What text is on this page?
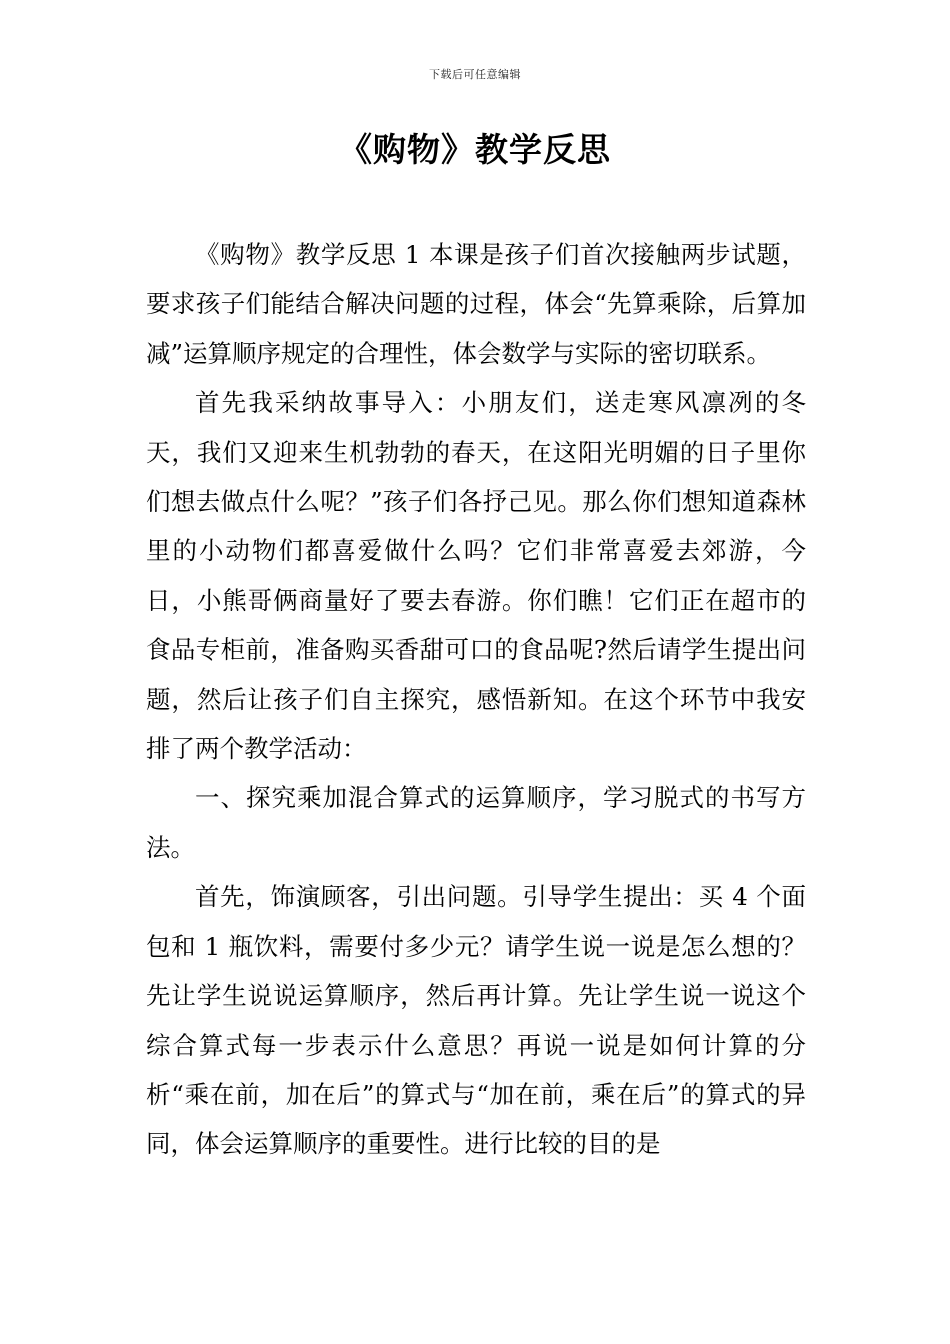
下载后可任意编辑
《购物》教学反思

《购物》教学反思 1 本课是孩子们首次接触两步试题，要求孩子们能结合解决问题的过程，体会“先算乘除，后算加减”运算顺序规定的合理性，体会数学与实际的密切联系。

首先我采纳故事导入：小朋友们，送走寒风凛冽的冬天，我们又迎来生机勃勃的春天，在这阳光明媚的日子里你们想去做点什么呢？”孩子们各抒己见。那么你们想知道森林里的小动物们都喜爱做什么吗？它们非常喜爱去郊游，今日，小熊哥俩商量好了要去春游。你们瞧！它们正在超市的食品专柜前，准备购买香甜可口的食品呢?然后请学生提出问题，然后让孩子们自主探究，感悟新知。在这个环节中我安排了两个教学活动：

一、探究乘加混合算式的运算顺序，学习脱式的书写方法。

首先，饰演顾客，引出问题。引导学生提出：买 4 个面包和 1 瓶饮料，需要付多少元？请学生说一说是怎么想的？先让学生说说运算顺序，然后再计算。先让学生说一说这个综合算式每一步表示什么意思？再说一说是如何计算的分析“乘在前，加在后”的算式与“加在前，乘在后”的算式的异同，体会运算顺序的重要性。进行比较的目的是
